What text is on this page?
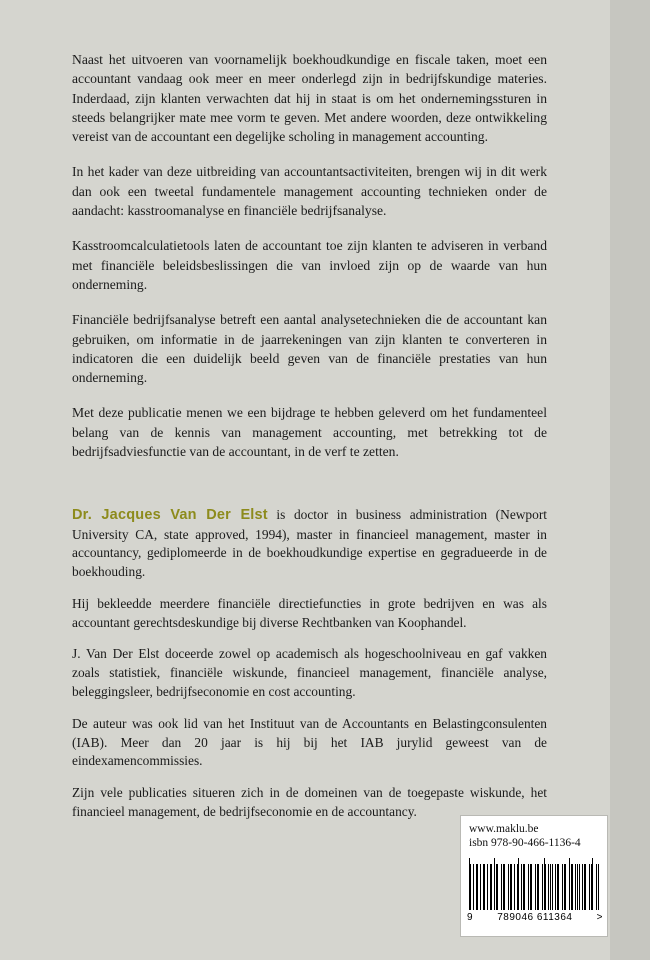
Naast het uitvoeren van voornamelijk boekhoudkundige en fiscale taken, moet een accountant vandaag ook meer en meer onderlegd zijn in bedrijfskundige materies. Inderdaad, zijn klanten verwachten dat hij in staat is om het ondernemingssturen in steeds belangrijker mate mee vorm te geven. Met andere woorden, deze ontwikkeling vereist van de accountant een degelijke scholing in management accounting.

In het kader van deze uitbreiding van accountantsactiviteiten, brengen wij in dit werk dan ook een tweetal fundamentele management accounting technieken onder de aandacht: kasstroomanalyse en financiële bedrijfsanalyse.

Kasstroomcalculatietools laten de accountant toe zijn klanten te adviseren in verband met financiële beleidsbeslissingen die van invloed zijn op de waarde van hun onderneming.

Financiële bedrijfsanalyse betreft een aantal analysetechnieken die de accountant kan gebruiken, om informatie in de jaarrekeningen van zijn klanten te converteren in indicatoren die een duidelijk beeld geven van de financiële prestaties van hun onderneming.

Met deze publicatie menen we een bijdrage te hebben geleverd om het fundamenteel belang van de kennis van management accounting, met betrekking tot de bedrijfsadviesfunctie van de accountant, in de verf te zetten.

Dr. Jacques Van Der Elst is doctor in business administration (Newport University CA, state approved, 1994), master in financieel management, master in accountancy, gediplomeerde in de boekhoudkundige expertise en gegradueerde in de boekhouding.

Hij bekleedde meerdere financiële directiefuncties in grote bedrijven en was als accountant gerechtsdeskundige bij diverse Rechtbanken van Koophandel.

J. Van Der Elst doceerde zowel op academisch als hogeschoolniveau en gaf vakken zoals statistiek, financiële wiskunde, financieel management, financiële analyse, beleggingsleer, bedrijfseconomie en cost accounting.

De auteur was ook lid van het Instituut van de Accountants en Belastingconsulenten (IAB). Meer dan 20 jaar is hij bij het IAB jurylid geweest van de eindexamencommissies.

Zijn vele publicaties situeren zich in de domeinen van de toegepaste wiskunde, het financieel management, de bedrijfseconomie en de accountancy.

www.maklu.be
isbn 978-90-466-1136-4
9 789046 611364 >
